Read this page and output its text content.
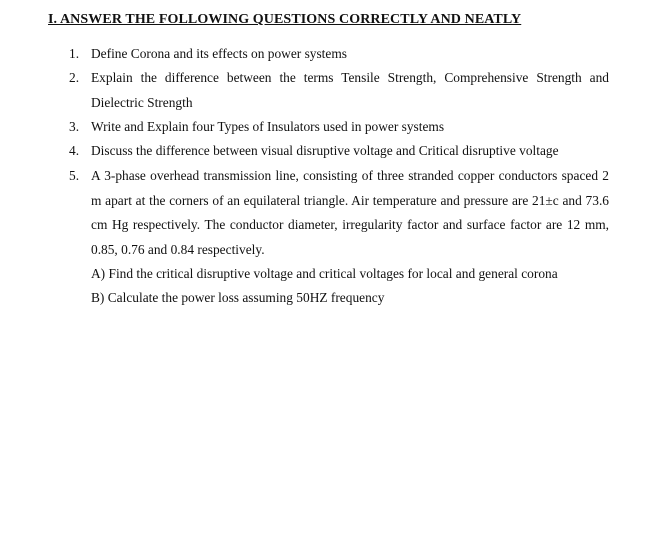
I. ANSWER THE FOLLOWING QUESTIONS CORRECTLY AND NEATLY
1. Define Corona and its effects on power systems
2. Explain the difference between the terms Tensile Strength, Comprehensive Strength and Dielectric Strength
3. Write and Explain four Types of Insulators used in power systems
4. Discuss the difference between visual disruptive voltage and Critical disruptive voltage
5. A 3-phase overhead transmission line, consisting of three stranded copper conductors spaced 2 m apart at the corners of an equilateral triangle. Air temperature and pressure are 21±c and 73.6 cm Hg respectively. The conductor diameter, irregularity factor and surface factor are 12 mm, 0.85, 0.76 and 0.84 respectively.
A) Find the critical disruptive voltage and critical voltages for local and general corona
B) Calculate the power loss assuming 50HZ frequency
